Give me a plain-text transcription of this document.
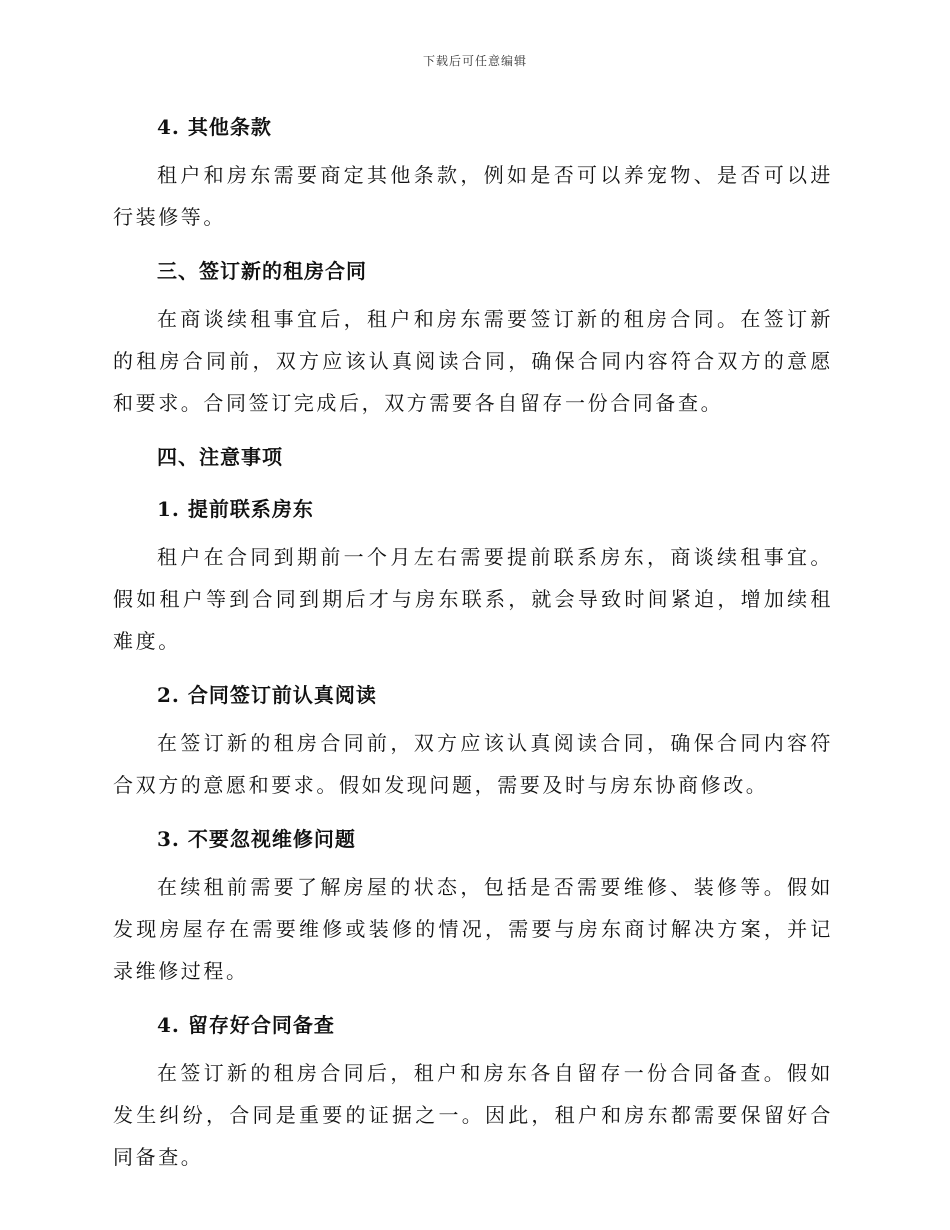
下载后可任意编辑
4. 其他条款

租户和房东需要商定其他条款，例如是否可以养宠物、是否可以进行装修等。

三、签订新的租房合同

在商谈续租事宜后，租户和房东需要签订新的租房合同。在签订新的租房合同前，双方应该认真阅读合同，确保合同内容符合双方的意愿和要求。合同签订完成后，双方需要各自留存一份合同备查。

四、注意事项
1. 提前联系房东

租户在合同到期前一个月左右需要提前联系房东，商谈续租事宜。假如租户等到合同到期后才与房东联系，就会导致时间紧迫，增加续租难度。

2. 合同签订前认真阅读

在签订新的租房合同前，双方应该认真阅读合同，确保合同内容符合双方的意愿和要求。假如发现问题，需要及时与房东协商修改。

3. 不要忽视维修问题

在续租前需要了解房屋的状态，包括是否需要维修、装修等。假如发现房屋存在需要维修或装修的情况，需要与房东商讨解决方案，并记录维修过程。

4. 留存好合同备查

在签订新的租房合同后，租户和房东各自留存一份合同备查。假如发生纠纷，合同是重要的证据之一。因此，租户和房东都需要保留好合同备查。
